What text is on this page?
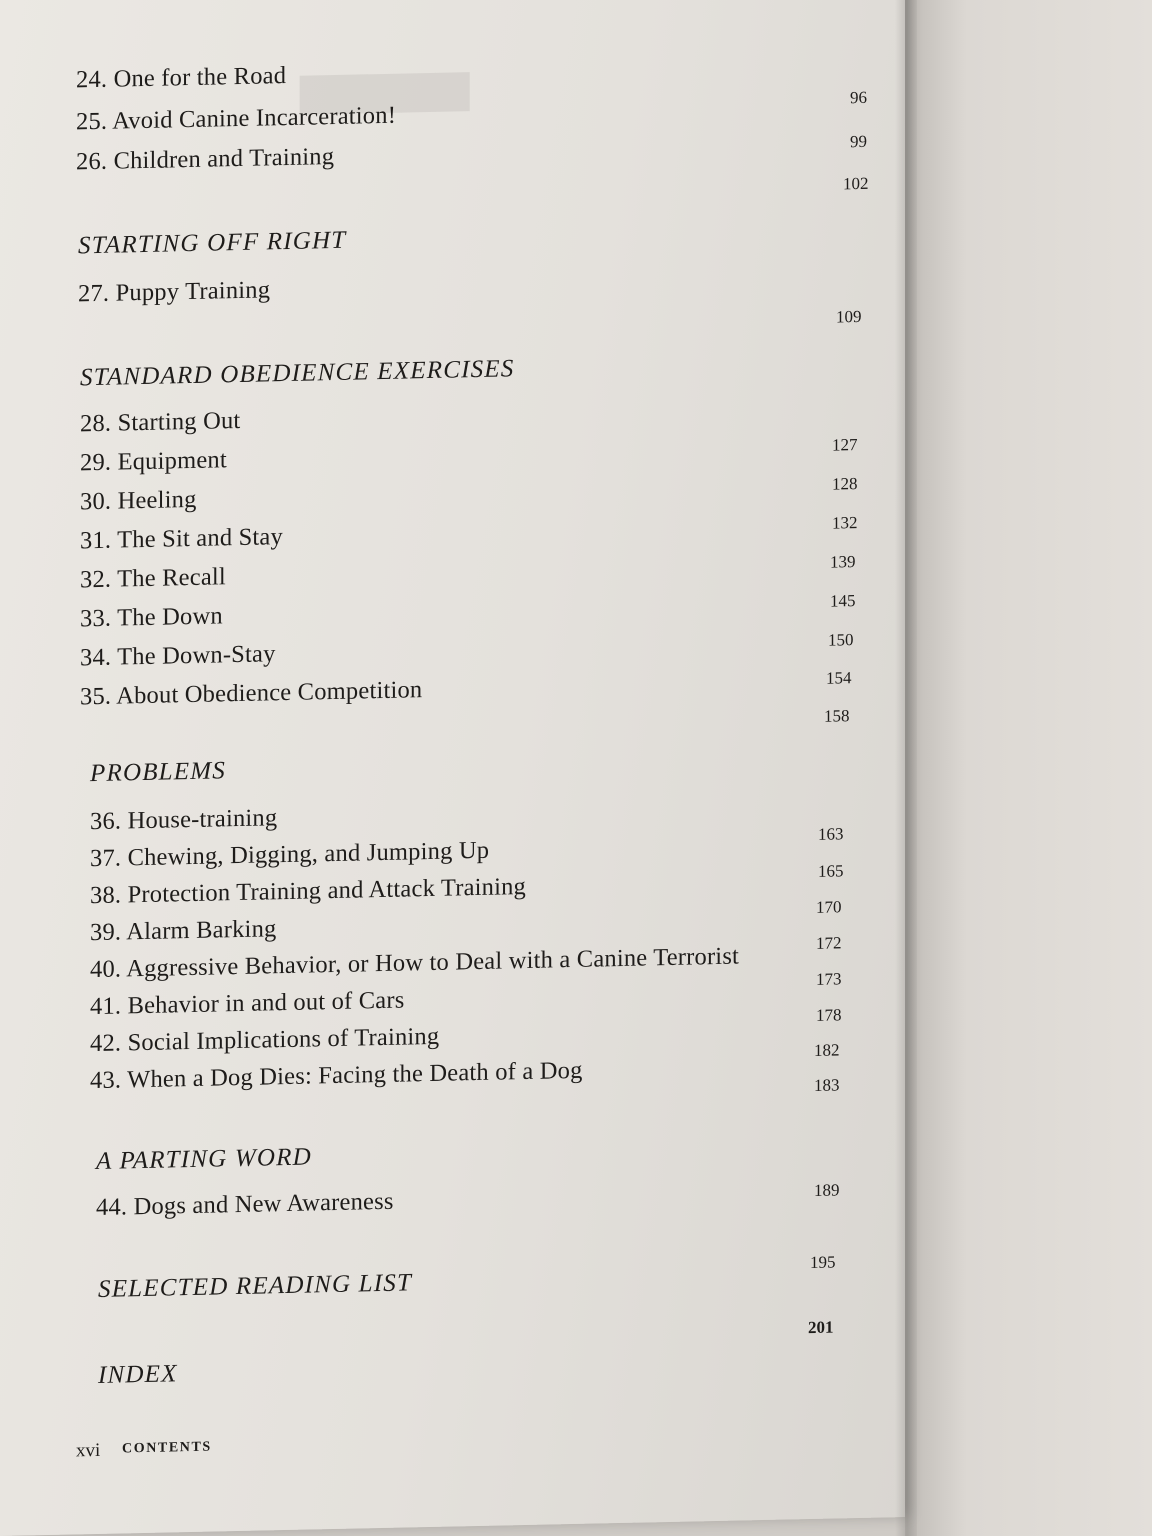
▆▆▆▆▆
24. One for the Road
25. Avoid Canine Incarceration!
26. Children and Training
STARTING OFF RIGHT
27. Puppy Training
STANDARD OBEDIENCE EXERCISES
28. Starting Out
29. Equipment
30. Heeling
31. The Sit and Stay
32. The Recall
33. The Down
34. The Down-Stay
35. About Obedience Competition
PROBLEMS
36. House-training
37. Chewing, Digging, and Jumping Up
38. Protection Training and Attack Training
39. Alarm Barking
40. Aggressive Behavior, or How to Deal with a Canine Terrorist
41. Behavior in and out of Cars
42. Social Implications of Training
43. When a Dog Dies: Facing the Death of a Dog
A PARTING WORD
44. Dogs and New Awareness
SELECTED READING LIST
INDEX
96
99
102
109
127
128
132
139
145
150
154
158
163
165
170
172
173
178
182
183
189
195
201
xvi CONTENTS
